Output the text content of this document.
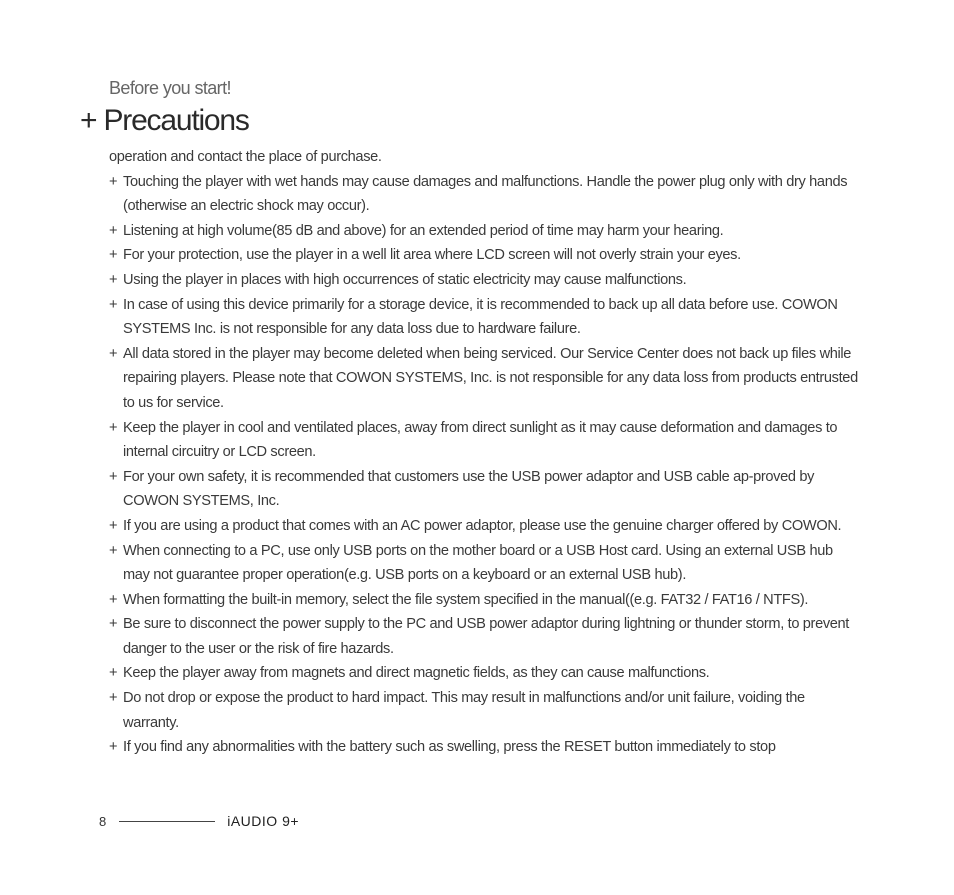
Before you start!
+ Precautions
operation and contact the place of purchase.
+ Touching the player with wet hands may cause damages and malfunctions. Handle the power plug only with dry hands (otherwise an electric shock may occur).
+ Listening at high volume(85 dB and above) for an extended period of time may harm your hearing.
+ For your protection, use the player in a well lit area where LCD screen will not overly strain your eyes.
+ Using the player in places with high occurrences of static electricity may cause malfunctions.
+ In case of using this device primarily for a storage device, it is recommended to back up all data before use. COWON SYSTEMS Inc. is not responsible for any data loss due to hardware failure.
+ All data stored in the player may become deleted when being serviced. Our Service Center does not back up files while repairing players. Please note that COWON SYSTEMS, Inc. is not responsible for any data loss from products entrusted to us for service.
+ Keep the player in cool and ventilated places, away from direct sunlight as it may cause deformation and damages to internal circuitry or LCD screen.
+ For your own safety, it is recommended that customers use the USB power adaptor and USB cable ap-proved by COWON SYSTEMS, Inc.
+ If you are using a product that comes with an AC power adaptor, please use the genuine charger offered by COWON.
+ When connecting to a PC, use only USB ports on the mother board or a USB Host card. Using an external USB hub may not guarantee proper operation(e.g. USB ports on a keyboard or an external USB hub).
+ When formatting the built-in memory, select the file system specified in the manual((e.g. FAT32 / FAT16 / NTFS).
+ Be sure to disconnect the power supply to the PC and USB power adaptor during lightning or thunder storm, to prevent danger to the user or the risk of fire hazards.
+ Keep the player away from magnets and direct magnetic fields, as they can cause malfunctions.
+ Do not drop or expose the product to hard impact. This may result in malfunctions and/or unit failure, voiding the warranty.
+ If you find any abnormalities with the battery such as swelling, press the RESET button immediately to stop
8	iAUDIO 9+
